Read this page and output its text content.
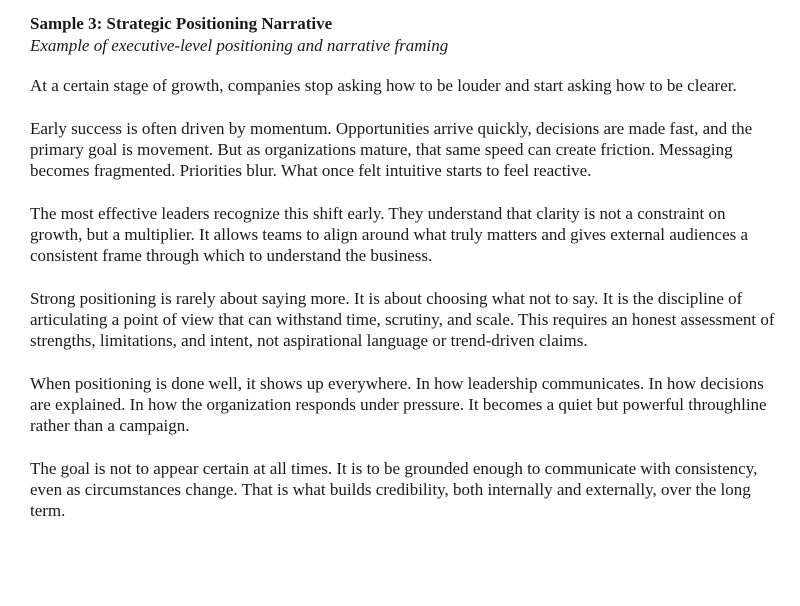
Sample 3: Strategic Positioning Narrative
Example of executive-level positioning and narrative framing

At a certain stage of growth, companies stop asking how to be louder and start asking how to be clearer.

Early success is often driven by momentum. Opportunities arrive quickly, decisions are made fast, and the primary goal is movement. But as organizations mature, that same speed can create friction. Messaging becomes fragmented. Priorities blur. What once felt intuitive starts to feel reactive.

The most effective leaders recognize this shift early. They understand that clarity is not a constraint on growth, but a multiplier. It allows teams to align around what truly matters and gives external audiences a consistent frame through which to understand the business.

Strong positioning is rarely about saying more. It is about choosing what not to say. It is the discipline of articulating a point of view that can withstand time, scrutiny, and scale. This requires an honest assessment of strengths, limitations, and intent, not aspirational language or trend-driven claims.

When positioning is done well, it shows up everywhere. In how leadership communicates. In how decisions are explained. In how the organization responds under pressure. It becomes a quiet but powerful throughline rather than a campaign.

The goal is not to appear certain at all times. It is to be grounded enough to communicate with consistency, even as circumstances change. That is what builds credibility, both internally and externally, over the long term.
